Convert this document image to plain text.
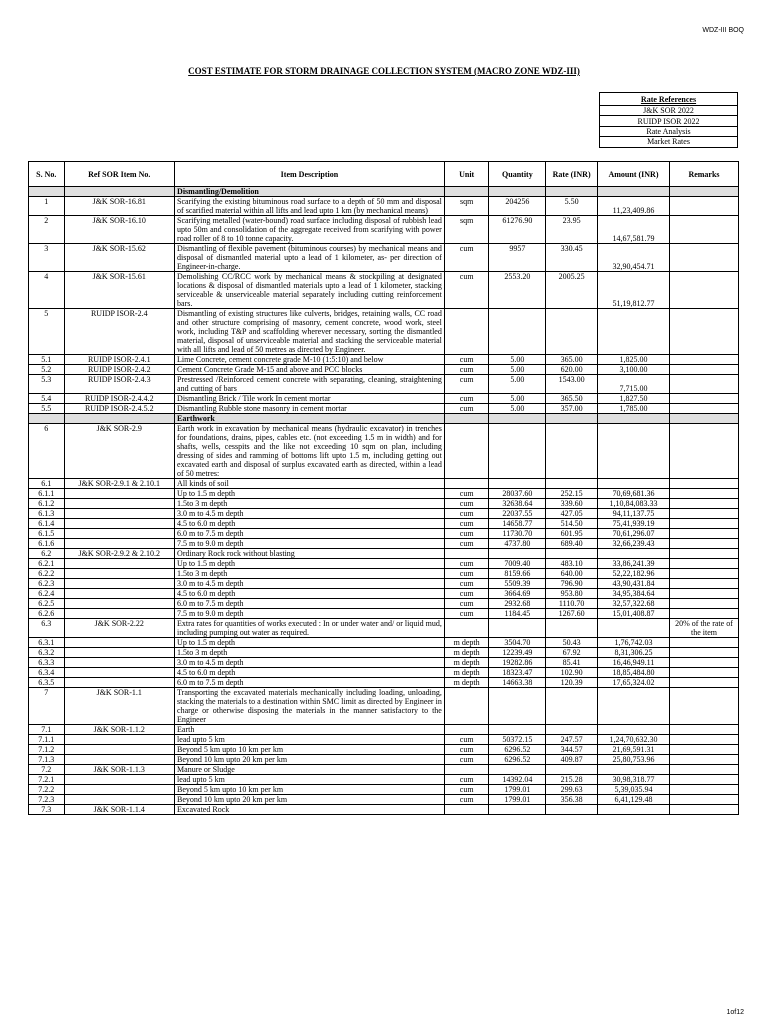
WDZ-III BOQ
COST ESTIMATE FOR STORM DRAINAGE COLLECTION SYSTEM (MACRO ZONE WDZ-III)
Rate References
J&K SOR 2022
RUIDP ISOR 2022
Rate Analysis
Market Rates
S. No.	Ref SOR Item No.	Item Description	Unit	Quantity	Rate (INR)	Amount (INR)	Remarks
		Dismantling/Demolition					
1	J&K SOR-16.81	Scarifying the existing bituminous road surface to a depth of 50 mm and disposal of scarified material within all lifts and lead upto 1 km (by mechanical means)	sqm	204256	5.50	11,23,409.86	
2	J&K SOR-16.10	Scarifying metalled (water-bound) road surface including disposal of rubbish lead upto 50m and consolidation of the aggregate received from scarifying with power road roller of 8 to 10 tonne capacity.	sqm	61276.90	23.95	14,67,581.79	
3	J&K SOR-15.62	Dismantling of flexible pavement (bituminous courses) by mechanical means and disposal of dismantled material upto a lead of 1 kilometer, as- per direction of Engineer-in-charge.	cum	9957	330.45	32,90,454.71	
4	J&K SOR-15.61	Demolishing CC/RCC work by mechanical means & stockpiling at designated locations & disposal of dismantled materials upto a lead of 1 kilometer, stacking serviceable & unserviceable material separately including cutting reinforcement bars.	cum	2553.20	2005.25	51,19,812.77	
5	RUIDP ISOR-2.4	Dismantling of existing structures like culverts, bridges, retaining walls, CC road and other structure comprising of masonry, cement concrete, wood work, steel work, including T&P and scaffolding wherever necessary, sorting the dismantled material, disposal of unserviceable material and stacking the serviceable material with all lifts and lead of 50 metres as directed by Engineer.					
5.1	RUIDP ISOR-2.4.1	Lime Concrete, cement concrete grade M-10 (1:5:10) and below	cum	5.00	365.00	1,825.00	
5.2	RUIDP ISOR-2.4.2	Cement Concrete Grade M-15 and above and PCC blocks	cum	5.00	620.00	3,100.00	
5.3	RUIDP ISOR-2.4.3	Prestressed /Reinforced cement concrete with separating, cleaning, straightening and cutting of bars	cum	5.00	1543.00	7,715.00	
5.4	RUIDP ISOR-2.4.4.2	Dismantling Brick / Tile work In cement mortar	cum	5.00	365.50	1,827.50	
5.5	RUIDP ISOR-2.4.5.2	Dismantling Rubble stone masonry in cement mortar	cum	5.00	357.00	1,785.00	
		Earthwork					
6	J&K SOR-2.9	Earth work in excavation by mechanical means (hydraulic excavator) in trenches for foundations, drains, pipes, cables etc. (not exceeding 1.5 m in width) and for shafts, wells, cesspits and the like not exceeding 10 sqm on plan, including dressing of sides and ramming of bottoms lift upto 1.5 m, including getting out excavated earth and disposal of surplus excavated earth as directed, within a lead of 50 metres:					
6.1	J&K SOR-2.9.1 & 2.10.1	All kinds of soil					
6.1.1		Up to 1.5 m depth	cum	28037.60	252.15	70,69,681.36	
6.1.2		1.5to 3 m depth	cum	32638.64	339.60	1,10,84,083.33	
6.1.3		3.0 m to 4.5 m depth	cum	22037.55	427.05	94,11,137.75	
6.1.4		4.5 to 6.0 m depth	cum	14658.77	514.50	75,41,939.19	
6.1.5		6.0 m to 7.5 m depth	cum	11730.70	601.95	70,61,296.07	
6.1.6		7.5 m to 9.0 m depth	cum	4737.80	689.40	32,66,239.43	
6.2	J&K SOR-2.9.2 & 2.10.2	Ordinary Rock rock without blasting					
6.2.1		Up to 1.5 m depth	cum	7009.40	483.10	33,86,241.39	
6.2.2		1.5to 3 m depth	cum	8159.66	640.00	52,22,182.96	
6.2.3		3.0 m to 4.5 m depth	cum	5509.39	796.90	43,90,431.84	
6.2.4		4.5 to 6.0 m depth	cum	3664.69	953.80	34,95,384.64	
6.2.5		6.0 m to 7.5 m depth	cum	2932.68	1110.70	32,57,322.68	
6.2.6		7.5 m to 9.0 m depth	cum	1184.45	1267.60	15,01,408.87	
6.3	J&K SOR-2.22	Extra rates for quantities of works executed : In or under water and/ or liquid mud, including pumping out water as required.					20% of the rate of the item
6.3.1		Up to 1.5 m depth	m depth	3504.70	50.43	1,76,742.03	
6.3.2		1.5to 3 m depth	m depth	12239.49	67.92	8,31,306.25	
6.3.3		3.0 m to 4.5 m depth	m depth	19282.86	85.41	16,46,949.11	
6.3.4		4.5 to 6.0 m depth	m depth	18323.47	102.90	18,85,484.80	
6.3.5		6.0 m to 7.5 m depth	m depth	14663.38	120.39	17,65,324.02	
7	J&K SOR-1.1	Transporting the excavated materials mechanically including loading, unloading, stacking the materials to a destination within SMC limit as directed by Engineer in charge or otherwise disposing the materials in the manner satisfactory to the Engineer					
7.1	J&K SOR-1.1.2	Earth					
7.1.1		lead upto 5 km	cum	50372.15	247.57	1,24,70,632.30	
7.1.2		Beyond 5 km upto 10 km per km	cum	6296.52	344.57	21,69,591.31	
7.1.3		Beyond 10 km upto 20 km per km	cum	6296.52	409.87	25,80,753.96	
7.2	J&K SOR-1.1.3	Manure or Sludge					
7.2.1		lead upto 5 km	cum	14392.04	215.28	30,98,318.77	
7.2.2		Beyond 5 km upto 10 km per km	cum	1799.01	299.63	5,39,035.94	
7.2.3		Beyond 10 km upto 20 km per km	cum	1799.01	356.38	6,41,129.48	
7.3	J&K SOR-1.1.4	Excavated Rock					
1of12
